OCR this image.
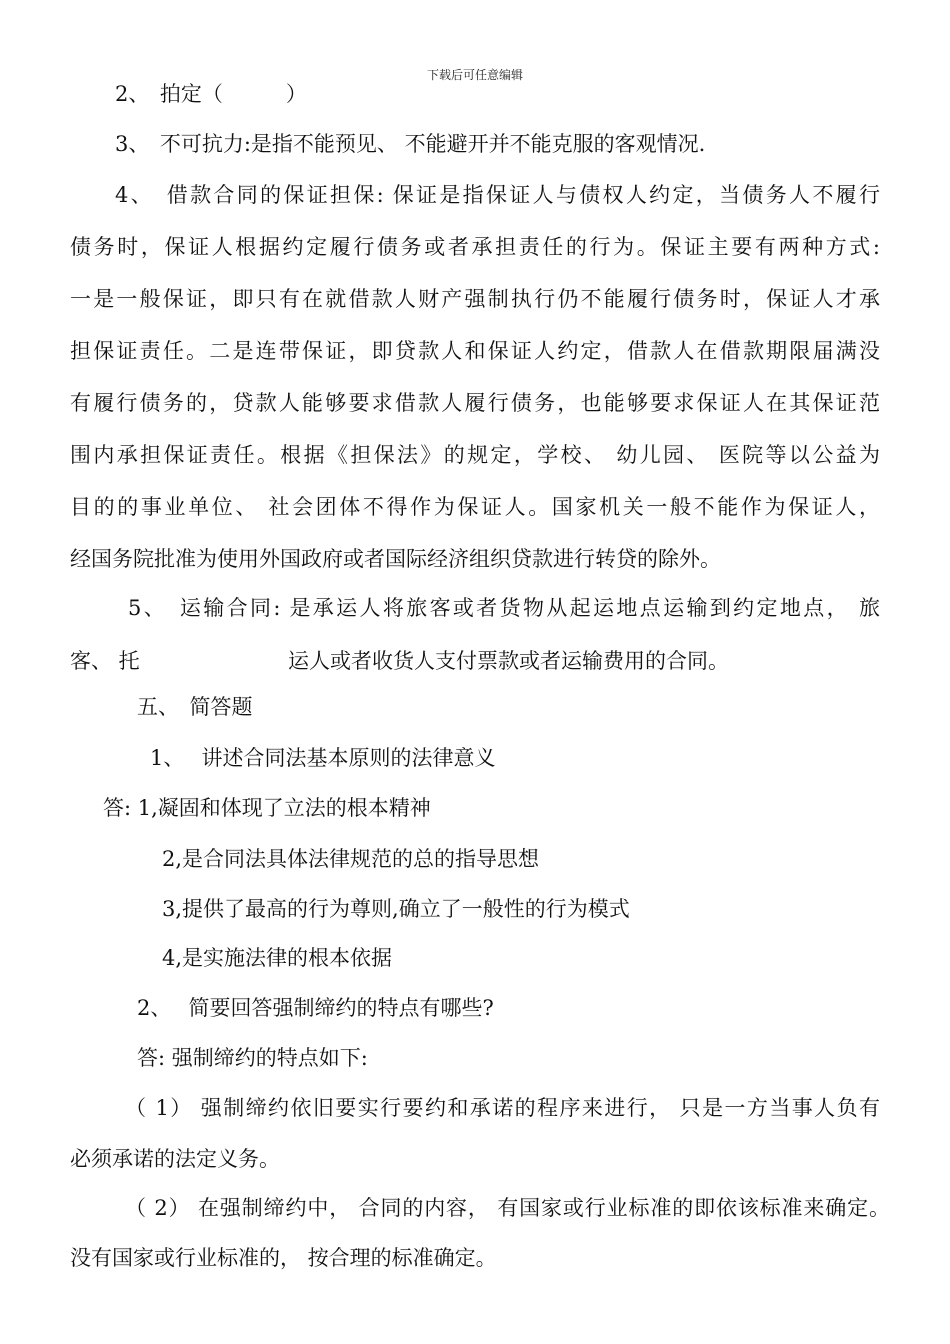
下载后可任意编辑
2、　拍定（　　　）
3、　不可抗力:是指不能预见、 不能避开并不能克服的客观情况.
4、　借款合同的保证担保: 保证是指保证人与债权人约定，当债务人不履行
债务时，保证人根据约定履行债务或者承担责任的行为。保证主要有两种方式:
一是一般保证，即只有在就借款人财产强制执行仍不能履行债务时，保证人才承
担保证责任。二是连带保证，即贷款人和保证人约定，借款人在借款期限届满没
有履行债务的，贷款人能够要求借款人履行债务，也能够要求保证人在其保证范
围内承担保证责任。根据《担保法》的规定，学校、 幼儿园、 医院等以公益为
目的的事业单位、 社会团体不得作为保证人。国家机关一般不能作为保证人，
经国务院批准为使用外国政府或者国际经济组织贷款进行转贷的除外。
5、　运输合同: 是承运人将旅客或者货物从起运地点运输到约定地点， 旅
客、 托	运人或者收货人支付票款或者运输费用的合同。
五、　简答题
1、　 讲述合同法基本原则的法律意义
答: 1,凝固和体现了立法的根本精神
2,是合同法具体法律规范的总的指导思想
3,提供了最高的行为尊则,确立了一般性的行为模式
4,是实施法律的根本依据
2、　 简要回答强制缔约的特点有哪些?
答: 强制缔约的特点如下:
（ 1） 强制缔约依旧要实行要约和承诺的程序来进行， 只是一方当事人负有
必须承诺的法定义务。
（ 2） 在强制缔约中， 合同的内容， 有国家或行业标准的即依该标准来确定。
没有国家或行业标准的， 按合理的标准确定。
